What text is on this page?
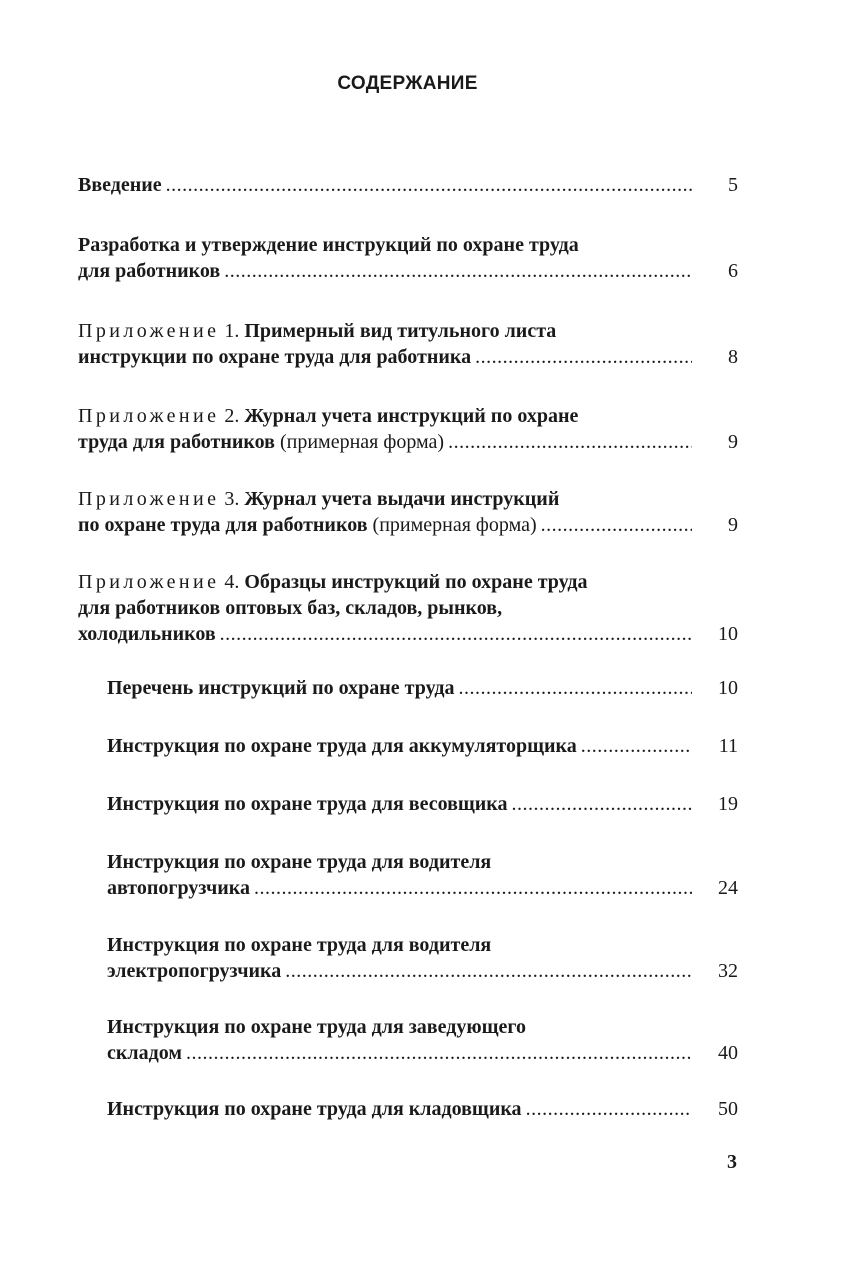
СОДЕРЖАНИЕ
Введение .....	5
Разработка и утверждение инструкций по охране труда
для работников .....	6
Приложение 1. Примерный вид титульного листа
инструкции по охране труда для работника .....	8
Приложение 2. Журнал учета инструкций по охране
труда для работников
(примерная форма) .....	9
Приложение 3. Журнал учета выдачи инструкций
по охране труда для работников
(примерная форма) .....	9
Приложение 4. Образцы инструкций по охране труда
для работников оптовых баз, складов, рынков,
холодильников .....	10
Перечень инструкций по охране труда .....	10
Инструкция по охране труда для аккумуляторщика .....	11
Инструкция по охране труда для весовщика .....	19
Инструкция по охране труда для водителя
автопогрузчика .....	24
Инструкция по охране труда для водителя
электропогрузчика .....	32
Инструкция по охране труда для заведующего
складом .....	40
Инструкция по охране труда для кладовщика .....	50
3
